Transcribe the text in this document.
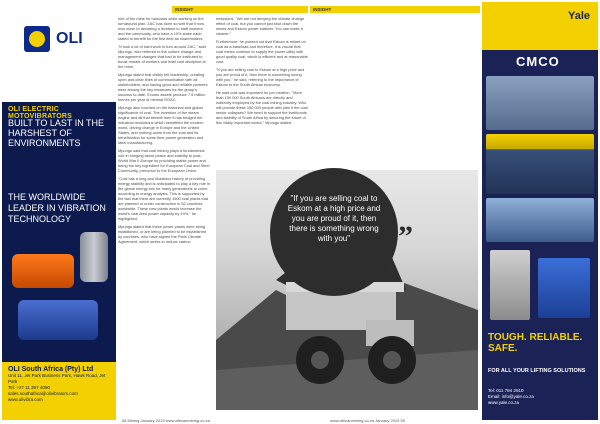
OLI
OLI ELECTRIC MOTOVIBRATORS
BUILT TO LAST IN THE HARSHEST OF ENVIRONMENTS
THE WORLDWIDE LEADER IN VIBRATION TECHNOLOGY
OLI South Africa (Pty) Ltd
Unit 11, Jet Park Business Park, Hawk Road, Jet Park
Tel: +27 11 397 4050
sales.southafrica@olivibrators.com
www.olivibra.com
INSIGHT

hire of the mine for haircouts while working on the turnaround plan. ZAC has done so well that it now now close to declaring a dividend to staff workers and the community, who have a 10% stake each, stated to benefit for the first time as shareholders.

"It took a lot of hard work to turn around ZAC," said Mpungu, who referred to the culture change and management changes that had to be instituted to boost morale of workers and instil cost discipline at the mine.

Mpungu stated that visibly felt leadership, creating open and clear lines of communication with all stakeholders, and having good and reliable partners were among the key measures for the group's success to date. Exxaro assets produce 7.5 million tonnes per year of mineral ROAC.

Mpungu also touched on the historical and global significance of coal. The invention of the steam engine and all that benefit from it has bridged the industrial revolutions which benefitted the modern world, driving change in Europe and the United States, and nothing came from the coal and its beneficiation for some time power generation and steel manufacturing.

Mpungu said that coal mining plays a fundamental role in bringing about peace and stability to post-World War II Europe by providing stable power and being the key ingredient for European Coal and Steel Community, precursor to the European Union.

"Coal has a long and illustrious history of providing energy stability and is anticipated to play a key role in the global energy mix for many generations to come according to energy analysts. This is supported by the fact that there are currently 1500 coal plants that are planned or under construction in 52 countries worldwide. These new plants would increase the world's coal-fired power capacity by 43%," he highlighted.

Mpungu stated that these power plants were being established, or are being planned to be established by countries, who have signed the Paris Climate Agreement, which seeks to reduce carbon

emissions. "We are not denying the climate change effect of coal, but you cannot just shut down the mines and Eskom power stations. You can make it cleaner."

Furthermore, he pointed out that Eskom is reliant on coal as a baseload and therefore, it is crucial that coal mines continue to supply the power utility with good quality coal, which is efficient and at reasonable cost.

"If you are selling coal to Eskom at a high price and you are proud of it, then there is something wrong with you," he said, referring to the importance of Eskom to the South African economy.

He said coal was important for job creation. "More than 150 000 South Africans are directly and indirectly employed by the coal mining industry. Who will provide these 150 000 people with jobs if the coal sector collapses? We need to support the livelihoods and stability of South Africa by securing the future of this vitally important sector," Mpungu stated.

58 Mining January 2019 www.africanmining.co.za
INSIGHT
www.africanmining.co.za January 2019 59
"If you are selling coal to Eskom at a high price and you are proud of it, then there is something wrong with you"	”
Yale
CMCO
TOUGH. RELIABLE. SAFE.
FOR ALL YOUR LIFTING SOLUTIONS
Tel: 011 794 2910
Email: info@yale.co.za
www.yale.co.za
